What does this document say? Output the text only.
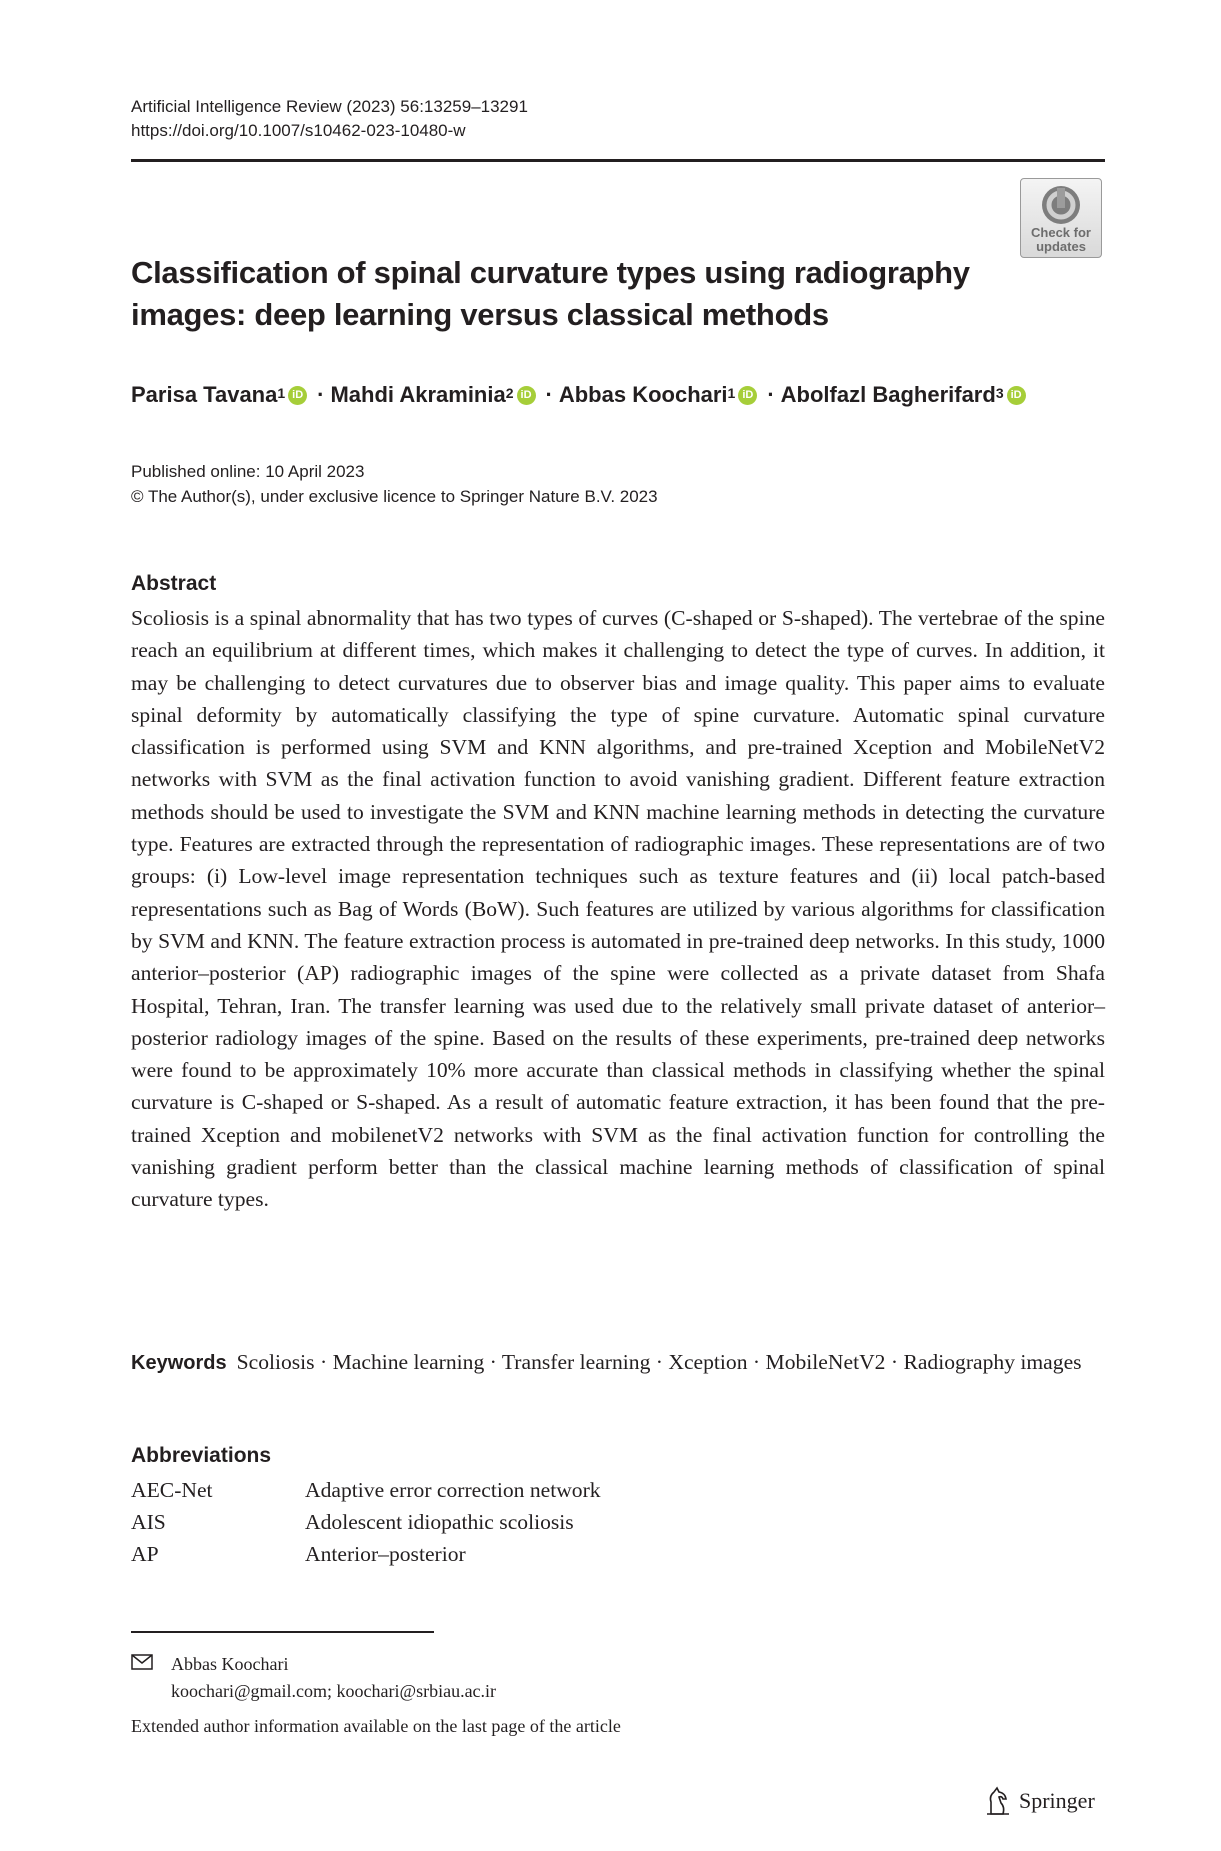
Artificial Intelligence Review (2023) 56:13259–13291
https://doi.org/10.1007/s10462-023-10480-w
Check for
updates
Classification of spinal curvature types using radiography images: deep learning versus classical methods
Parisa Tavana$^1$ iD · Mahdi Akraminia$^2$ iD · Abbas Koochari$^1$ iD · Abolfazl Bagherifard$^3$ iD
Published online: 10 April 2023
© The Author(s), under exclusive licence to Springer Nature B.V. 2023
Abstract
Scoliosis is a spinal abnormality that has two types of curves (C-shaped or S-shaped). The vertebrae of the spine reach an equilibrium at different times, which makes it challenging to detect the type of curves. In addition, it may be challenging to detect curvatures due to observer bias and image quality. This paper aims to evaluate spinal deformity by automatically classifying the type of spine curvature. Automatic spinal curvature classification is performed using SVM and KNN algorithms, and pre-trained Xception and MobileNetV2 networks with SVM as the final activation function to avoid vanishing gradient. Different feature extraction methods should be used to investigate the SVM and KNN machine learning methods in detecting the curvature type. Features are extracted through the representation of radiographic images. These representations are of two groups: (i) Low-level image representation techniques such as texture features and (ii) local patch-based representations such as Bag of Words (BoW). Such features are utilized by various algorithms for classification by SVM and KNN. The feature extraction process is automated in pre-trained deep networks. In this study, 1000 anterior–posterior (AP) radiographic images of the spine were collected as a private dataset from Shafa Hospital, Tehran, Iran. The transfer learning was used due to the relatively small private dataset of anterior–posterior radiology images of the spine. Based on the results of these experiments, pre-trained deep networks were found to be approximately 10% more accurate than classical methods in classifying whether the spinal curvature is C-shaped or S-shaped. As a result of automatic feature extraction, it has been found that the pre-trained Xception and mobilenetV2 networks with SVM as the final activation function for controlling the vanishing gradient perform better than the classical machine learning methods of classification of spinal curvature types.
Keywords Scoliosis · Machine learning · Transfer learning · Xception · MobileNetV2 · Radiography images
Abbreviations
AEC-Net	Adaptive error correction network
AIS	Adolescent idiopathic scoliosis
AP	Anterior–posterior
Abbas Koochari
koochari@gmail.com; koochari@srbiau.ac.ir
Extended author information available on the last page of the article
Springer
